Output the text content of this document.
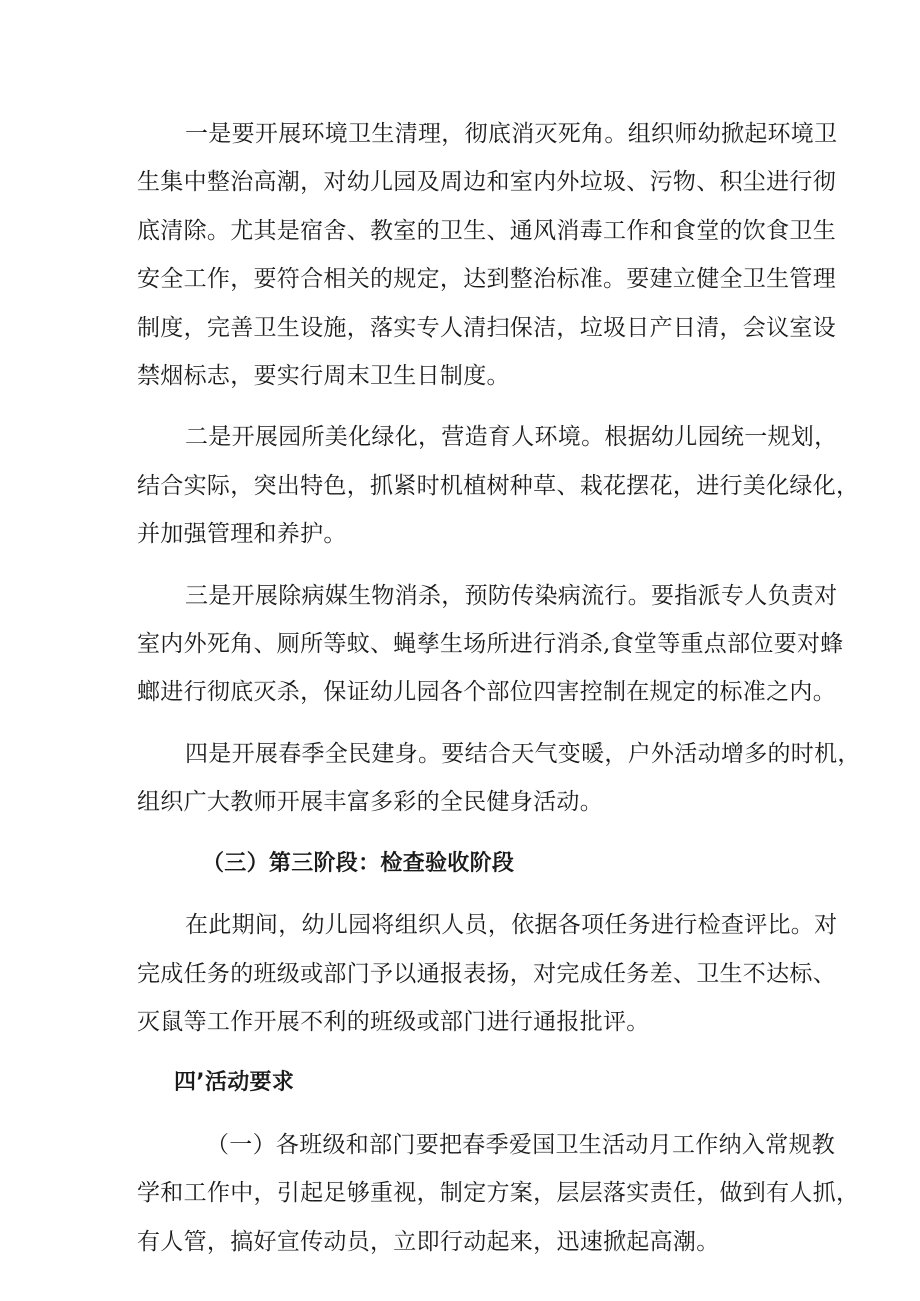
一是要开展环境卫生清理，彻底消灭死角。组织师幼掀起环境卫
生集中整治高潮，对幼儿园及周边和室内外垃圾、污物、积尘进行彻
底清除。尤其是宿舍、教室的卫生、通风消毒工作和食堂的饮食卫生
安全工作，要符合相关的规定，达到整治标准。要建立健全卫生管理
制度，完善卫生设施，落实专人清扫保洁，垃圾日产日清，会议室设
禁烟标志，要实行周末卫生日制度。

二是开展园所美化绿化，营造育人环境。根据幼儿园统一规划，
结合实际，突出特色，抓紧时机植树种草、栽花摆花，进行美化绿化，
并加强管理和养护。

三是开展除病媒生物消杀，预防传染病流行。要指派专人负责对
室内外死角、厕所等蚊、蝇孳生场所进行消杀,食堂等重点部位要对蜂
螂进行彻底灭杀，保证幼儿园各个部位四害控制在规定的标准之内。

四是开展春季全民建身。要结合天气变暖，户外活动增多的时机，
组织广大教师开展丰富多彩的全民健身活动。

（三）第三阶段：检查验收阶段

在此期间，幼儿园将组织人员，依据各项任务进行检查评比。对
完成任务的班级或部门予以通报表扬，对完成任务差、卫生不达标、
灭鼠等工作开展不利的班级或部门进行通报批评。

四’活动要求

（一）各班级和部门要把春季爱国卫生活动月工作纳入常规教
学和工作中，引起足够重视，制定方案，层层落实责任，做到有人抓，
有人管，搞好宣传动员，立即行动起来，迅速掀起高潮。
